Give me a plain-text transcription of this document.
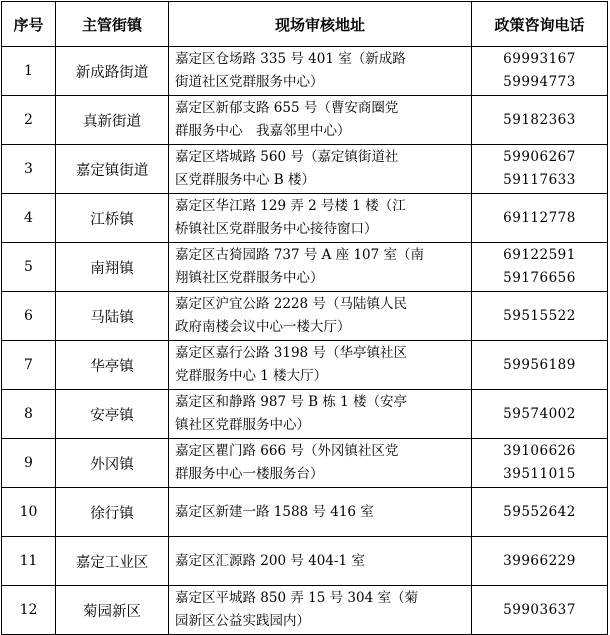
序号	主管街镇	现场审核地址	政策咨询电话
1	新成路街道	嘉定区仓场路 335 号 401 室（新成路
街道社区党群服务中心）	69993167
59994773

2	真新街道	嘉定区新郁支路 655 号（曹安商圈党
群服务中心　我嘉邻里中心）	59182363

3	嘉定镇街道	嘉定区塔城路 560 号（嘉定镇街道社
区党群服务中心 B 楼）	59906267
59117633

4	江桥镇	嘉定区华江路 129 弄 2 号楼 1 楼（江
桥镇社区党群服务中心接待窗口）	69112778

5	南翔镇	嘉定区古猗园路 737 号 A 座 107 室（南
翔镇社区党群服务中心）	69122591
59176656

6	马陆镇	嘉定区沪宜公路 2228 号（马陆镇人民
政府南楼会议中心一楼大厅）	59515522

7	华亭镇	嘉定区嘉行公路 3198 号（华亭镇社区
党群服务中心 1 楼大厅）	59956189

8	安亭镇	嘉定区和静路 987 号 B 栋 1 楼（安亭
镇社区党群服务中心）	59574002

9	外冈镇	嘉定区瞿门路 666 号（外冈镇社区党
群服务中心一楼服务台）	39106626
39511015

10	徐行镇	嘉定区新建一路 1588 号 416 室	59552642

11	嘉定工业区	嘉定区汇源路 200 号 404-1 室	39966229

12	菊园新区	嘉定区平城路 850 弄 15 号 304 室（菊
园新区公益实践园内）	59903637
